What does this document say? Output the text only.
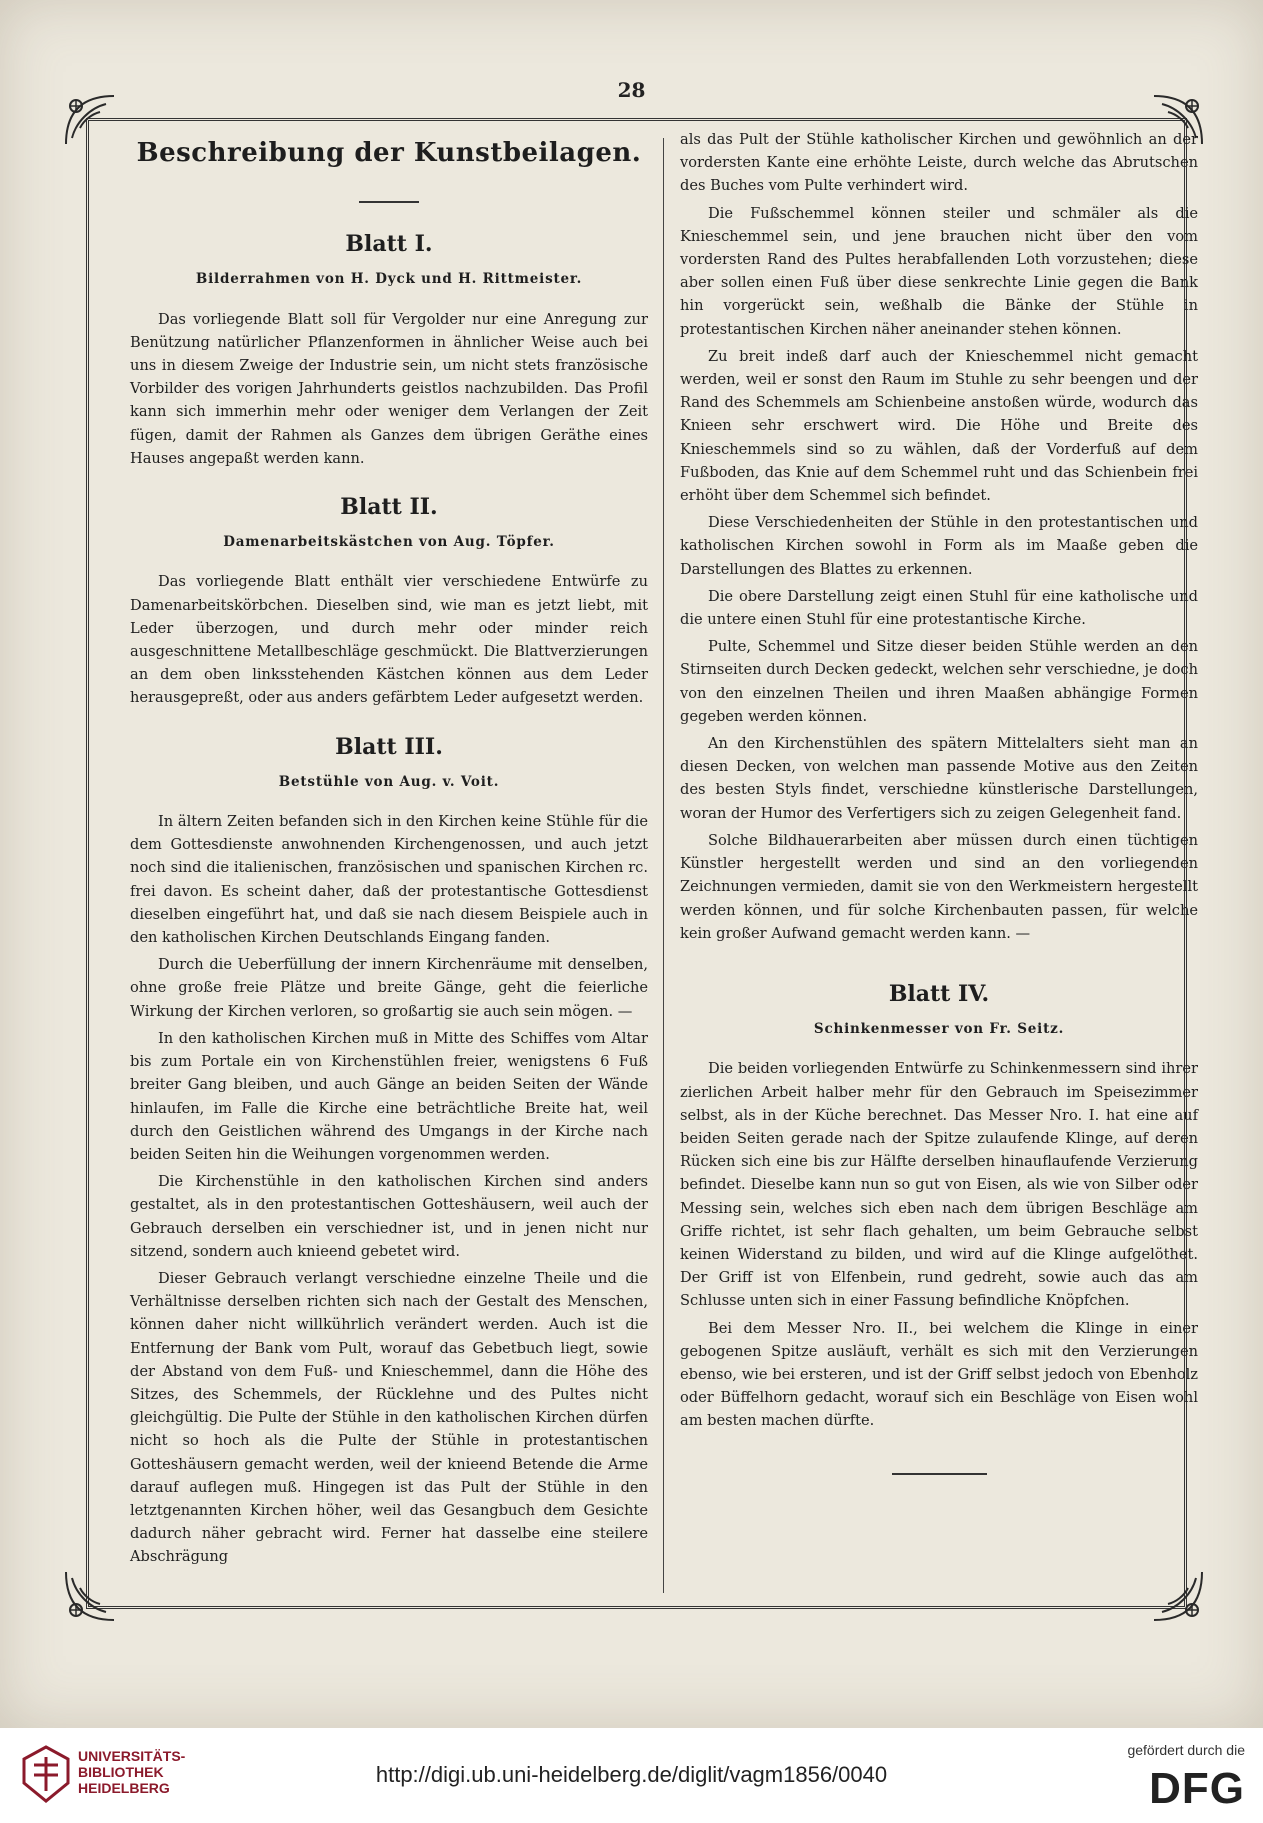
28
Beschreibung der Kunstbeilagen.
Blatt I.
Bilderrahmen von H. Dyck und H. Rittmeister.

Das vorliegende Blatt soll für Vergolder nur eine Anregung zur Benützung natürlicher Pflanzenformen in ähnlicher Weise auch bei uns in diesem Zweige der Industrie sein, um nicht stets französische Vorbilder des vorigen Jahrhunderts geistlos nachzubilden. Das Profil kann sich immerhin mehr oder weniger dem Verlangen der Zeit fügen, damit der Rahmen als Ganzes dem übrigen Geräthe eines Hauses angepaßt werden kann.

Blatt II.
Damenarbeitskästchen von Aug. Töpfer.

Das vorliegende Blatt enthält vier verschiedene Entwürfe zu Damenarbeitskörbchen. Dieselben sind, wie man es jetzt liebt, mit Leder überzogen, und durch mehr oder minder reich ausgeschnittene Metallbeschläge geschmückt. Die Blattverzierungen an dem oben linksstehenden Kästchen können aus dem Leder herausgepreßt, oder aus anders gefärbtem Leder aufgesetzt werden.

Blatt III.
Betstühle von Aug. v. Voit.

In ältern Zeiten befanden sich in den Kirchen keine Stühle für die dem Gottesdienste anwohnenden Kirchengenossen, und auch jetzt noch sind die italienischen, französischen und spanischen Kirchen rc. frei davon. Es scheint daher, daß der protestantische Gottesdienst dieselben eingeführt hat, und daß sie nach diesem Beispiele auch in den katholischen Kirchen Deutschlands Eingang fanden.

Durch die Ueberfüllung der innern Kirchenräume mit denselben, ohne große freie Plätze und breite Gänge, geht die feierliche Wirkung der Kirchen verloren, so großartig sie auch sein mögen. —

In den katholischen Kirchen muß in Mitte des Schiffes vom Altar bis zum Portale ein von Kirchenstühlen freier, wenigstens 6 Fuß breiter Gang bleiben, und auch Gänge an beiden Seiten der Wände hinlaufen, im Falle die Kirche eine beträchtliche Breite hat, weil durch den Geistlichen während des Umgangs in der Kirche nach beiden Seiten hin die Weihungen vorgenommen werden.

Die Kirchenstühle in den katholischen Kirchen sind anders gestaltet, als in den protestantischen Gotteshäusern, weil auch der Gebrauch derselben ein verschiedner ist, und in jenen nicht nur sitzend, sondern auch knieend gebetet wird.

Dieser Gebrauch verlangt verschiedne einzelne Theile und die Verhältnisse derselben richten sich nach der Gestalt des Menschen, können daher nicht willkührlich verändert werden. Auch ist die Entfernung der Bank vom Pult, worauf das Gebetbuch liegt, sowie der Abstand von dem Fuß- und Knieschemmel, dann die Höhe des Sitzes, des Schemmels, der Rücklehne und des Pultes nicht gleichgültig. Die Pulte der Stühle in den katholischen Kirchen dürfen nicht so hoch als die Pulte der Stühle in protestantischen Gotteshäusern gemacht werden, weil der knieend Betende die Arme darauf auflegen muß. Hingegen ist das Pult der Stühle in den letztgenannten Kirchen höher, weil das Gesangbuch dem Gesichte dadurch näher gebracht wird. Ferner hat dasselbe eine steilere Abschrägung

als das Pult der Stühle katholischer Kirchen und gewöhnlich an der vordersten Kante eine erhöhte Leiste, durch welche das Abrutschen des Buches vom Pulte verhindert wird.

Die Fußschemmel können steiler und schmäler als die Knieschemmel sein, und jene brauchen nicht über den vom vordersten Rand des Pultes herabfallenden Loth vorzustehen; diese aber sollen einen Fuß über diese senkrechte Linie gegen die Bank hin vorgerückt sein, weßhalb die Bänke der Stühle in protestantischen Kirchen näher aneinander stehen können.

Zu breit indeß darf auch der Knieschemmel nicht gemacht werden, weil er sonst den Raum im Stuhle zu sehr beengen und der Rand des Schemmels am Schienbeine anstoßen würde, wodurch das Knieen sehr erschwert wird. Die Höhe und Breite des Knieschemmels sind so zu wählen, daß der Vorderfuß auf dem Fußboden, das Knie auf dem Schemmel ruht und das Schienbein frei erhöht über dem Schemmel sich befindet.

Diese Verschiedenheiten der Stühle in den protestantischen und katholischen Kirchen sowohl in Form als im Maaße geben die Darstellungen des Blattes zu erkennen.

Die obere Darstellung zeigt einen Stuhl für eine katholische und die untere einen Stuhl für eine protestantische Kirche.

Pulte, Schemmel und Sitze dieser beiden Stühle werden an den Stirnseiten durch Decken gedeckt, welchen sehr verschiedne, je doch von den einzelnen Theilen und ihren Maaßen abhängige Formen gegeben werden können.

An den Kirchenstühlen des spätern Mittelalters sieht man an diesen Decken, von welchen man passende Motive aus den Zeiten des besten Styls findet, verschiedne künstlerische Darstellungen, woran der Humor des Verfertigers sich zu zeigen Gelegenheit fand.

Solche Bildhauerarbeiten aber müssen durch einen tüchtigen Künstler hergestellt werden und sind an den vorliegenden Zeichnungen vermieden, damit sie von den Werkmeistern hergestellt werden können, und für solche Kirchenbauten passen, für welche kein großer Aufwand gemacht werden kann. —

Blatt IV.
Schinkenmesser von Fr. Seitz.

Die beiden vorliegenden Entwürfe zu Schinkenmessern sind ihrer zierlichen Arbeit halber mehr für den Gebrauch im Speisezimmer selbst, als in der Küche berechnet. Das Messer Nro. I. hat eine auf beiden Seiten gerade nach der Spitze zulaufende Klinge, auf deren Rücken sich eine bis zur Hälfte derselben hinauflaufende Verzierung befindet. Dieselbe kann nun so gut von Eisen, als wie von Silber oder Messing sein, welches sich eben nach dem übrigen Beschläge am Griffe richtet, ist sehr flach gehalten, um beim Gebrauche selbst keinen Widerstand zu bilden, und wird auf die Klinge aufgelöthet. Der Griff ist von Elfenbein, rund gedreht, sowie auch das am Schlusse unten sich in einer Fassung befindliche Knöpfchen.

Bei dem Messer Nro. II., bei welchem die Klinge in einer gebogenen Spitze ausläuft, verhält es sich mit den Verzierungen ebenso, wie bei ersteren, und ist der Griff selbst jedoch von Ebenholz oder Büffelhorn gedacht, worauf sich ein Beschläge von Eisen wohl am besten machen dürfte.

UNIVERSITÄTS-
BIBLIOTHEK
HEIDELBERG
http://digi.ub.uni-heidelberg.de/diglit/vagm1856/0040
gefördert durch die
DFG
